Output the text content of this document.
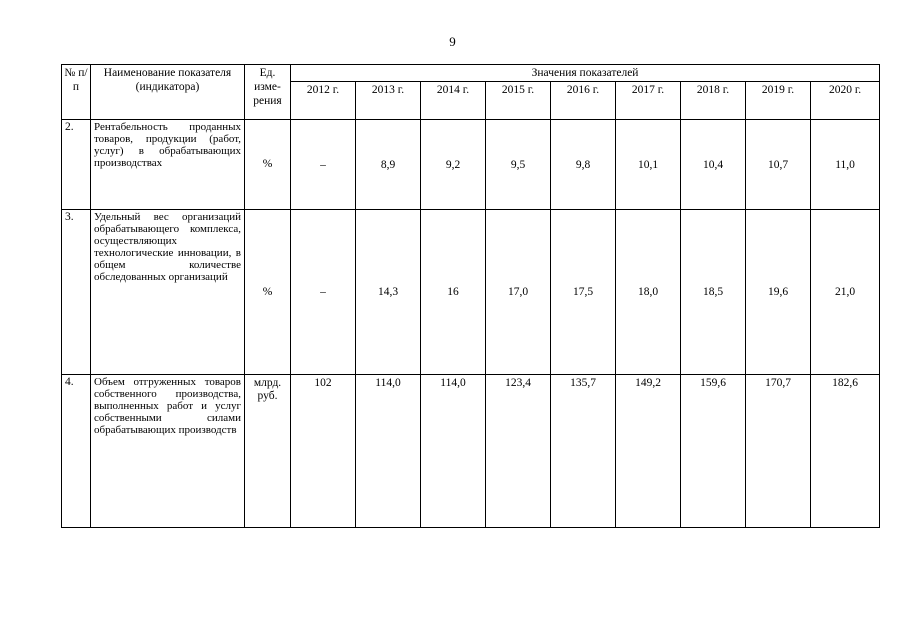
9
№ п/п	Наименование показателя (индикатора)	Ед. изме-рения	Значения показателей								
			2012 г.	2013 г.	2014 г.	2015 г.	2016 г.	2017 г.	2018 г.	2019 г.	2020 г.
2.	Рентабельность проданных товаров, продукции (работ, услуг) в обрабатывающих производствах	%	–	8,9	9,2	9,5	9,8	10,1	10,4	10,7	11,0
3.	Удельный вес организаций обрабатывающего комплекса, осуществляющих технологические инновации, в общем количестве обследованных организаций	%	–	14,3	16	17,0	17,5	18,0	18,5	19,6	21,0
4.	Объем отгруженных товаров собственного производства, выполненных работ и услуг собственными силами обрабатывающих производств	млрд. руб.	102	114,0	114,0	123,4	135,7	149,2	159,6	170,7	182,6
